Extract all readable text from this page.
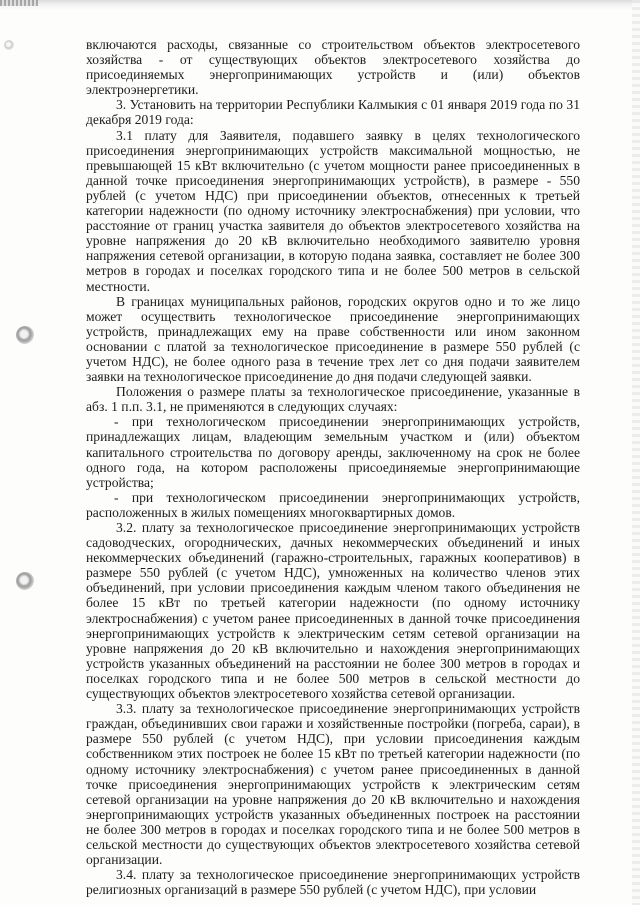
включаются расходы, связанные со строительством объектов электросетевого хозяйства - от существующих объектов электросетевого хозяйства до присоединяемых энергопринимающих устройств и (или) объектов электроэнергетики.

3. Установить на территории Республики Калмыкия с 01 января 2019 года по 31 декабря 2019 года:

3.1 плату для Заявителя, подавшего заявку в целях технологического присоединения энергопринимающих устройств максимальной мощностью, не превышающей 15 кВт включительно (с учетом мощности ранее присоединенных в данной точке присоединения энергопринимающих устройств), в размере - 550 рублей (с учетом НДС) при присоединении объектов, отнесенных к третьей категории надежности (по одному источнику электроснабжения) при условии, что расстояние от границ участка заявителя до объектов электросетевого хозяйства на уровне напряжения до 20 кВ включительно необходимого заявителю уровня напряжения сетевой организации, в которую подана заявка, составляет не более 300 метров в городах и поселках городского типа и не более 500 метров в сельской местности.

В границах муниципальных районов, городских округов одно и то же лицо может осуществить технологическое присоединение энергопринимающих устройств, принадлежащих ему на праве собственности или ином законном основании с платой за технологическое присоединение в размере 550 рублей (с учетом НДС), не более одного раза в течение трех лет со дня подачи заявителем заявки на технологическое присоединение до дня подачи следующей заявки.

Положения о размере платы за технологическое присоединение, указанные в абз. 1 п.п. 3.1, не применяются в следующих случаях:

- при технологическом присоединении энергопринимающих устройств, принадлежащих лицам, владеющим земельным участком и (или) объектом капитального строительства по договору аренды, заключенному на срок не более одного года, на котором расположены присоединяемые энергопринимающие устройства;

- при технологическом присоединении энергопринимающих устройств, расположенных в жилых помещениях многоквартирных домов.

3.2. плату за технологическое присоединение энергопринимающих устройств садоводческих, огороднических, дачных некоммерческих объединений и иных некоммерческих объединений (гаражно-строительных, гаражных кооперативов) в размере 550 рублей (с учетом НДС), умноженных на количество членов этих объединений, при условии присоединения каждым членом такого объединения не более 15 кВт по третьей категории надежности (по одному источнику электроснабжения) с учетом ранее присоединенных в данной точке присоединения энергопринимающих устройств к электрическим сетям сетевой организации на уровне напряжения до 20 кВ включительно и нахождения энергопринимающих устройств указанных объединений на расстоянии не более 300 метров в городах и поселках городского типа и не более 500 метров в сельской местности до существующих объектов электросетевого хозяйства сетевой организации.

3.3. плату за технологическое присоединение энергопринимающих устройств граждан, объединивших свои гаражи и хозяйственные постройки (погреба, сараи), в размере 550 рублей (с учетом НДС), при условии присоединения каждым собственником этих построек не более 15 кВт по третьей категории надежности (по одному источнику электроснабжения) с учетом ранее присоединенных в данной точке присоединения энергопринимающих устройств к электрическим сетям сетевой организации на уровне напряжения до 20 кВ включительно и нахождения энергопринимающих устройств указанных объединенных построек на расстоянии не более 300 метров в городах и поселках городского типа и не более 500 метров в сельской местности до существующих объектов электросетевого хозяйства сетевой организации.

3.4. плату за технологическое присоединение энергопринимающих устройств религиозных организаций в размере 550 рублей (с учетом НДС), при условии
